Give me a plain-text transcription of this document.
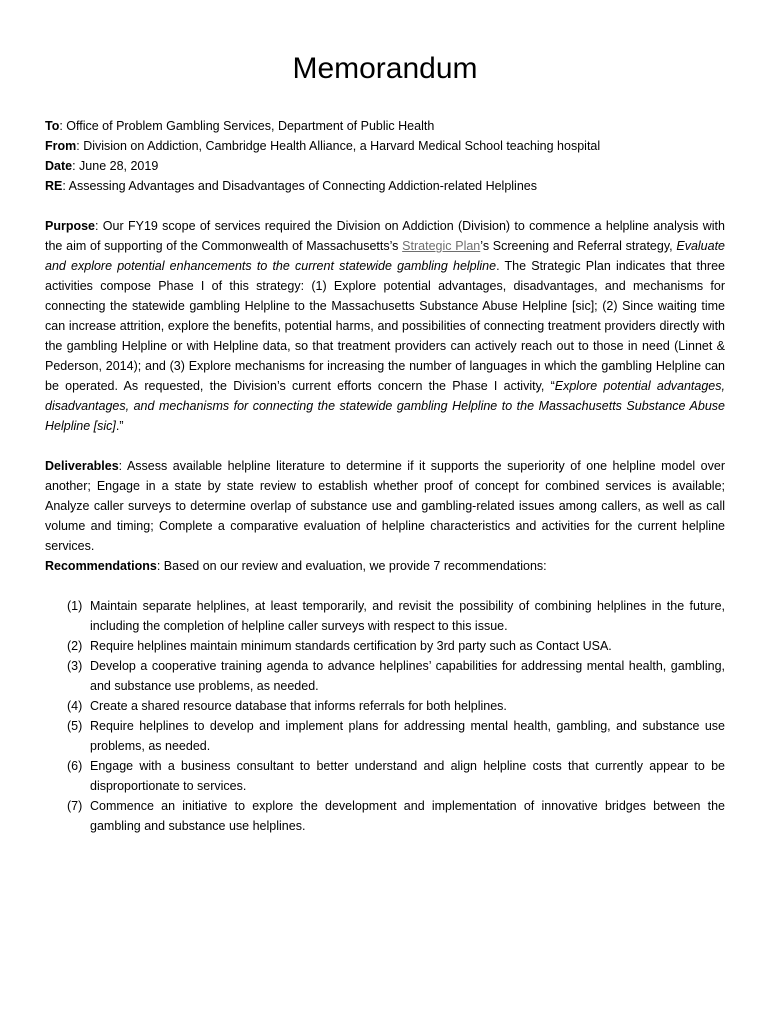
Memorandum
To: Office of Problem Gambling Services, Department of Public Health
From: Division on Addiction, Cambridge Health Alliance, a Harvard Medical School teaching hospital
Date: June 28, 2019
RE: Assessing Advantages and Disadvantages of Connecting Addiction-related Helplines
Purpose: Our FY19 scope of services required the Division on Addiction (Division) to commence a helpline analysis with the aim of supporting of the Commonwealth of Massachusetts’s Strategic Plan’s Screening and Referral strategy, Evaluate and explore potential enhancements to the current statewide gambling helpline. The Strategic Plan indicates that three activities compose Phase I of this strategy: (1) Explore potential advantages, disadvantages, and mechanisms for connecting the statewide gambling Helpline to the Massachusetts Substance Abuse Helpline [sic]; (2) Since waiting time can increase attrition, explore the benefits, potential harms, and possibilities of connecting treatment providers directly with the gambling Helpline or with Helpline data, so that treatment providers can actively reach out to those in need (Linnet & Pederson, 2014); and (3) Explore mechanisms for increasing the number of languages in which the gambling Helpline can be operated. As requested, the Division’s current efforts concern the Phase I activity, “Explore potential advantages, disadvantages, and mechanisms for connecting the statewide gambling Helpline to the Massachusetts Substance Abuse Helpline [sic].”
Deliverables: Assess available helpline literature to determine if it supports the superiority of one helpline model over another; Engage in a state by state review to establish whether proof of concept for combined services is available; Analyze caller surveys to determine overlap of substance use and gambling-related issues among callers, as well as call volume and timing; Complete a comparative evaluation of helpline characteristics and activities for the current helpline services.
Recommendations: Based on our review and evaluation, we provide 7 recommendations:
(1) Maintain separate helplines, at least temporarily, and revisit the possibility of combining helplines in the future, including the completion of helpline caller surveys with respect to this issue.
(2) Require helplines maintain minimum standards certification by 3rd party such as Contact USA.
(3) Develop a cooperative training agenda to advance helplines’ capabilities for addressing mental health, gambling, and substance use problems, as needed.
(4) Create a shared resource database that informs referrals for both helplines.
(5) Require helplines to develop and implement plans for addressing mental health, gambling, and substance use problems, as needed.
(6) Engage with a business consultant to better understand and align helpline costs that currently appear to be disproportionate to services.
(7) Commence an initiative to explore the development and implementation of innovative bridges between the gambling and substance use helplines.
